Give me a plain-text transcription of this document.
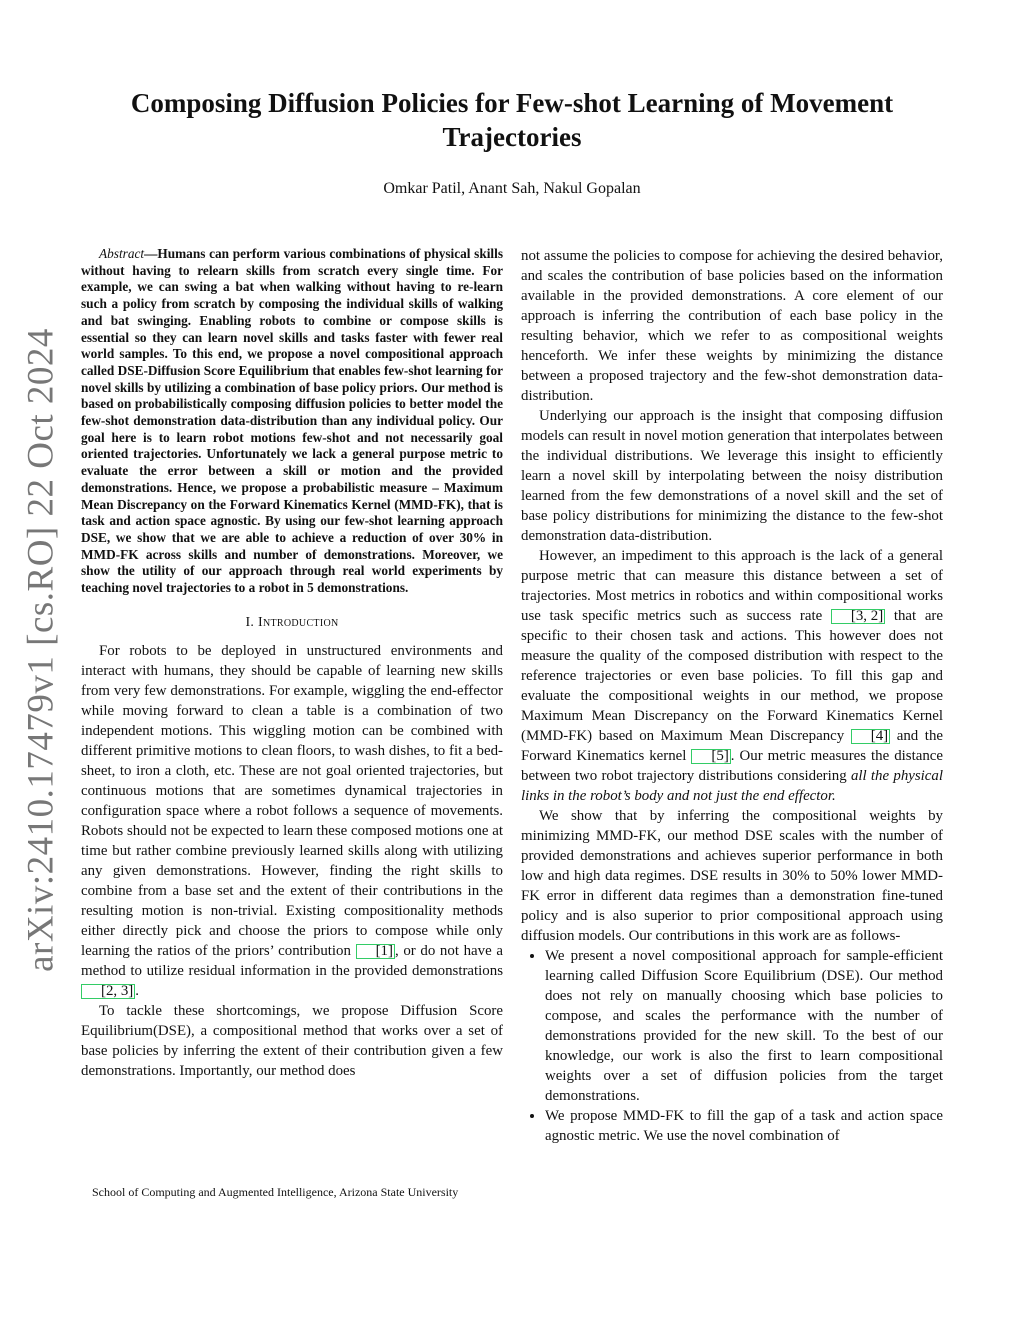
Composing Diffusion Policies for Few-shot Learning of Movement Trajectories
Omkar Patil, Anant Sah, Nakul Gopalan
arXiv:2410.17479v1 [cs.RO] 22 Oct 2024

Abstract—Humans can perform various combinations of physical skills without having to relearn skills from scratch every single time. For example, we can swing a bat when walking without having to re-learn such a policy from scratch by composing the individual skills of walking and bat swinging. Enabling robots to combine or compose skills is essential so they can learn novel skills and tasks faster with fewer real world samples. To this end, we propose a novel compositional approach called DSE-Diffusion Score Equilibrium that enables few-shot learning for novel skills by utilizing a combination of base policy priors. Our method is based on probabilistically composing diffusion policies to better model the few-shot demonstration data-distribution than any individual policy. Our goal here is to learn robot motions few-shot and not necessarily goal oriented trajectories. Unfortunately we lack a general purpose metric to evaluate the error between a skill or motion and the provided demonstrations. Hence, we propose a probabilistic measure – Maximum Mean Discrepancy on the Forward Kinematics Kernel (MMD-FK), that is task and action space agnostic. By using our few-shot learning approach DSE, we show that we are able to achieve a reduction of over 30% in MMD-FK across skills and number of demonstrations. Moreover, we show the utility of our approach through real world experiments by teaching novel trajectories to a robot in 5 demonstrations.

I. Introduction

For robots to be deployed in unstructured environments and interact with humans, they should be capable of learning new skills from very few demonstrations. For example, wiggling the end-effector while moving forward to clean a table is a combination of two independent motions. This wiggling motion can be combined with different primitive motions to clean floors, to wash dishes, to fit a bed-sheet, to iron a cloth, etc. These are not goal oriented trajectories, but continuous motions that are sometimes dynamical trajectories in configuration space where a robot follows a sequence of movements. Robots should not be expected to learn these composed motions one at time but rather combine previously learned skills along with utilizing any given demonstrations. However, finding the right skills to combine from a base set and the extent of their contributions in the resulting motion is non-trivial. Existing compositionality methods either directly pick and choose the priors to compose while only learning the ratios of the priors’ contribution [1] , or do not have a method to utilize residual information in the provided demonstrations [2, 3] .

To tackle these shortcomings, we propose Diffusion Score Equilibrium(DSE), a compositional method that works over a set of base policies by inferring the extent of their contribution given a few demonstrations. Importantly, our method does

not assume the policies to compose for achieving the desired behavior, and scales the contribution of base policies based on the information available in the provided demonstrations. A core element of our approach is inferring the contribution of each base policy in the resulting behavior, which we refer to as compositional weights henceforth. We infer these weights by minimizing the distance between a proposed trajectory and the few-shot demonstration data-distribution.

Underlying our approach is the insight that composing diffusion models can result in novel motion generation that interpolates between the individual distributions. We leverage this insight to efficiently learn a novel skill by interpolating between the noisy distribution learned from the few demonstrations of a novel skill and the set of base policy distributions for minimizing the distance to the few-shot demonstration data-distribution.

However, an impediment to this approach is the lack of a general purpose metric that can measure this distance between a set of trajectories. Most metrics in robotics and within compositional works use task specific metrics such as success rate [3, 2] that are specific to their chosen task and actions. This however does not measure the quality of the composed distribution with respect to the reference trajectories or even base policies. To fill this gap and evaluate the compositional weights in our method, we propose Maximum Mean Discrepancy on the Forward Kinematics Kernel (MMD-FK) based on Maximum Mean Discrepancy [4] and the Forward Kinematics kernel [5] . Our metric measures the distance between two robot trajectory distributions considering all the physical links in the robot’s body and not just the end effector.

We show that by inferring the compositional weights by minimizing MMD-FK, our method DSE scales with the number of provided demonstrations and achieves superior performance in both low and high data regimes. DSE results in 30% to 50% lower MMD-FK error in different data regimes than a demonstration fine-tuned policy and is also superior to prior compositional approach using diffusion models. Our contributions in this work are as follows-

• We present a novel compositional approach for sample-efficient learning called Diffusion Score Equilibrium (DSE). Our method does not rely on manually choosing which base policies to compose, and scales the performance with the number of demonstrations provided for the new skill. To the best of our knowledge, our work is also the first to learn compositional weights over a set of diffusion policies from the target demonstrations.
• We propose MMD-FK to fill the gap of a task and action space agnostic metric. We use the novel combination of
School of Computing and Augmented Intelligence, Arizona State University
